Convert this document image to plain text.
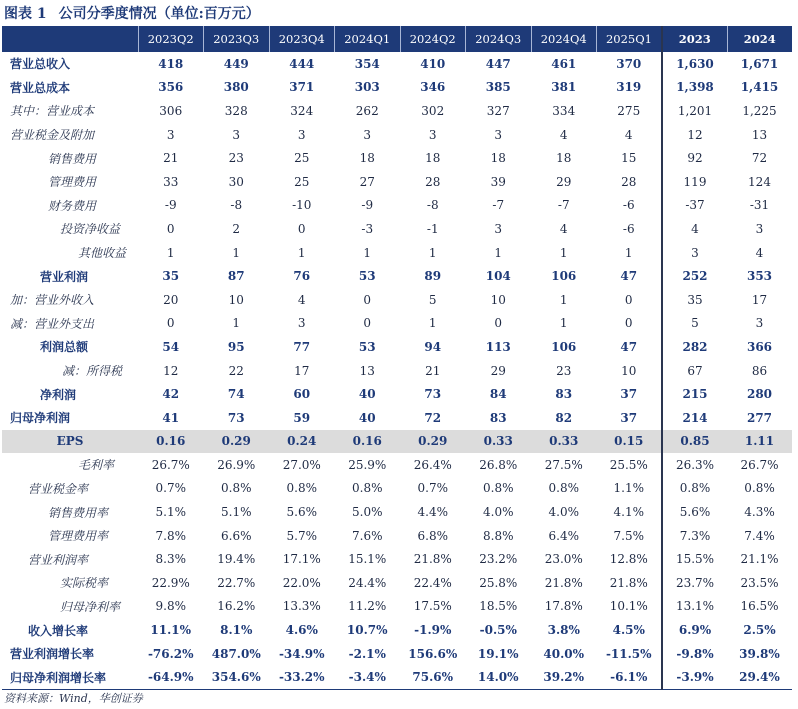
图表 1 公司分季度情况（单位:百万元）
	2023Q2	2023Q3	2023Q4	2024Q1	2024Q2	2024Q3	2024Q4	2025Q1	2023	2024
营业总收入	418	449	444	354	410	447	461	370	1,630	1,671
营业总成本	356	380	371	303	346	385	381	319	1,398	1,415
其中：营业成本	306	328	324	262	302	327	334	275	1,201	1,225
营业税金及附加	3	3	3	3	3	3	4	4	12	13
销售费用	21	23	25	18	18	18	18	15	92	72
管理费用	33	30	25	27	28	39	29	28	119	124
财务费用	-9	-8	-10	-9	-8	-7	-7	-6	-37	-31
投资净收益	0	2	0	-3	-1	3	4	-6	4	3
其他收益	1	1	1	1	1	1	1	1	3	4
营业利润	35	87	76	53	89	104	106	47	252	353
加：营业外收入	20	10	4	0	5	10	1	0	35	17
减：营业外支出	0	1	3	0	1	0	1	0	5	3
利润总额	54	95	77	53	94	113	106	47	282	366
减：所得税	12	22	17	13	21	29	23	10	67	86
净利润	42	74	60	40	73	84	83	37	215	280
归母净利润	41	73	59	40	72	83	82	37	214	277
EPS	0.16	0.29	0.24	0.16	0.29	0.33	0.33	0.15	0.85	1.11
毛利率	26.7%	26.9%	27.0%	25.9%	26.4%	26.8%	27.5%	25.5%	26.3%	26.7%
营业税金率	0.7%	0.8%	0.8%	0.8%	0.7%	0.8%	0.8%	1.1%	0.8%	0.8%
销售费用率	5.1%	5.1%	5.6%	5.0%	4.4%	4.0%	4.0%	4.1%	5.6%	4.3%
管理费用率	7.8%	6.6%	5.7%	7.6%	6.8%	8.8%	6.4%	7.5%	7.3%	7.4%
营业利润率	8.3%	19.4%	17.1%	15.1%	21.8%	23.2%	23.0%	12.8%	15.5%	21.1%
实际税率	22.9%	22.7%	22.0%	24.4%	22.4%	25.8%	21.8%	21.8%	23.7%	23.5%
归母净利率	9.8%	16.2%	13.3%	11.2%	17.5%	18.5%	17.8%	10.1%	13.1%	16.5%
收入增长率	11.1%	8.1%	4.6%	10.7%	-1.9%	-0.5%	3.8%	4.5%	6.9%	2.5%
营业利润增长率	-76.2%	487.0%	-34.9%	-2.1%	156.6%	19.1%	40.0%	-11.5%	-9.8%	39.8%
归母净利润增长率	-64.9%	354.6%	-33.2%	-3.4%	75.6%	14.0%	39.2%	-6.1%	-3.9%	29.4%
资料来源：Wind，华创证券
